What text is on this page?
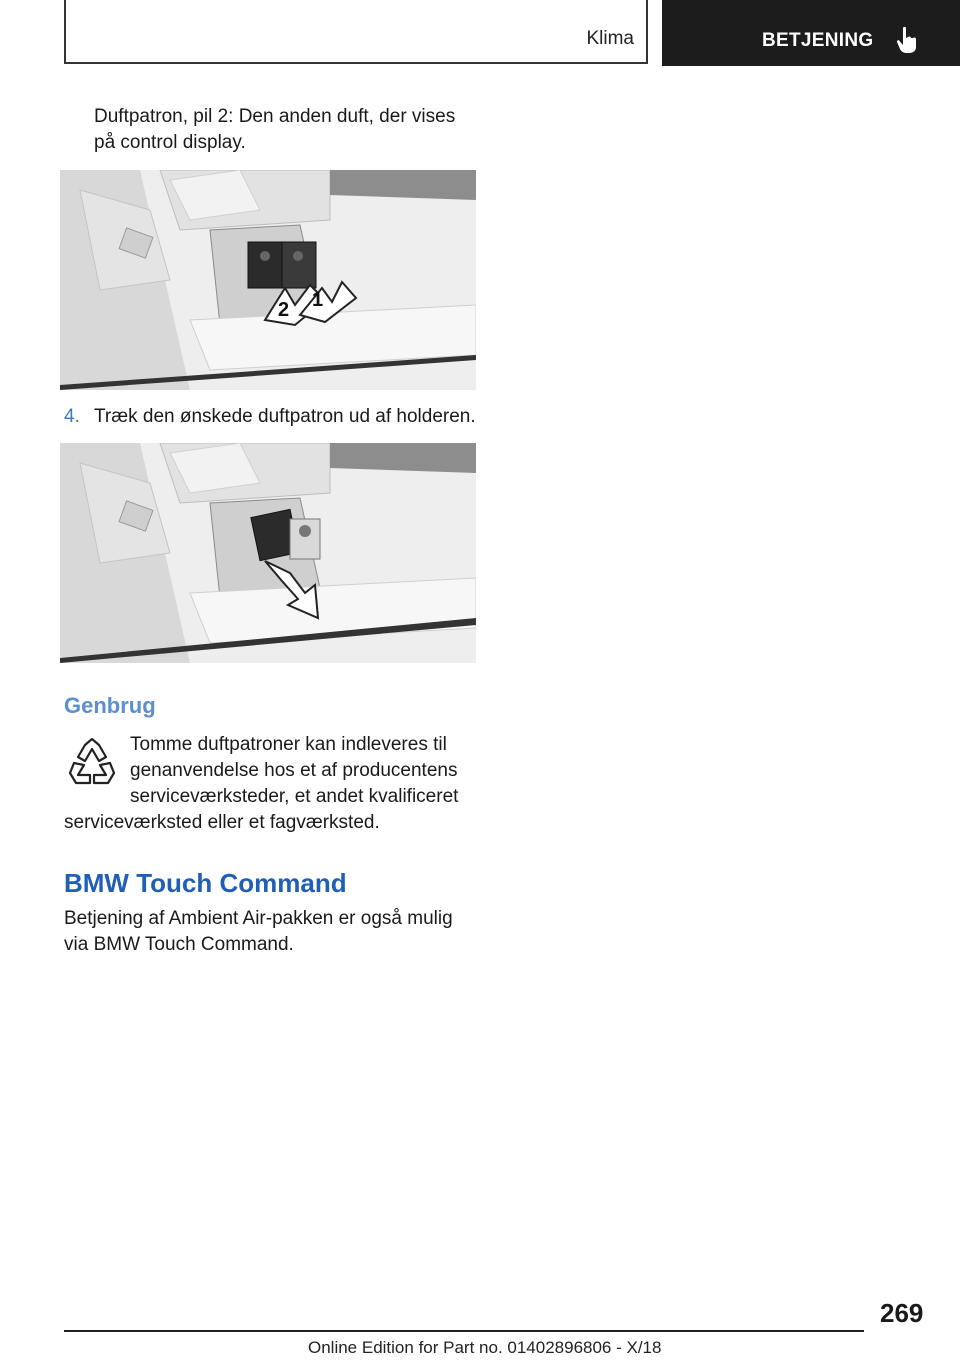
Klima	BETJENING
Duftpatron, pil 2: Den anden duft, der vises
på control display.
2 1
4. Træk den ønskede duftpatron ud af holderen.
Genbrug
Tomme duftpatroner kan indleveres til
genanvendelse hos et af producentens
serviceværksteder, et andet kvalificeret
serviceværksted eller et fagværksted.
BMW Touch Command
Betjening af Ambient Air-pakken er også mulig
via BMW Touch Command.
269
Online Edition for Part no. 01402896806 - X/18
